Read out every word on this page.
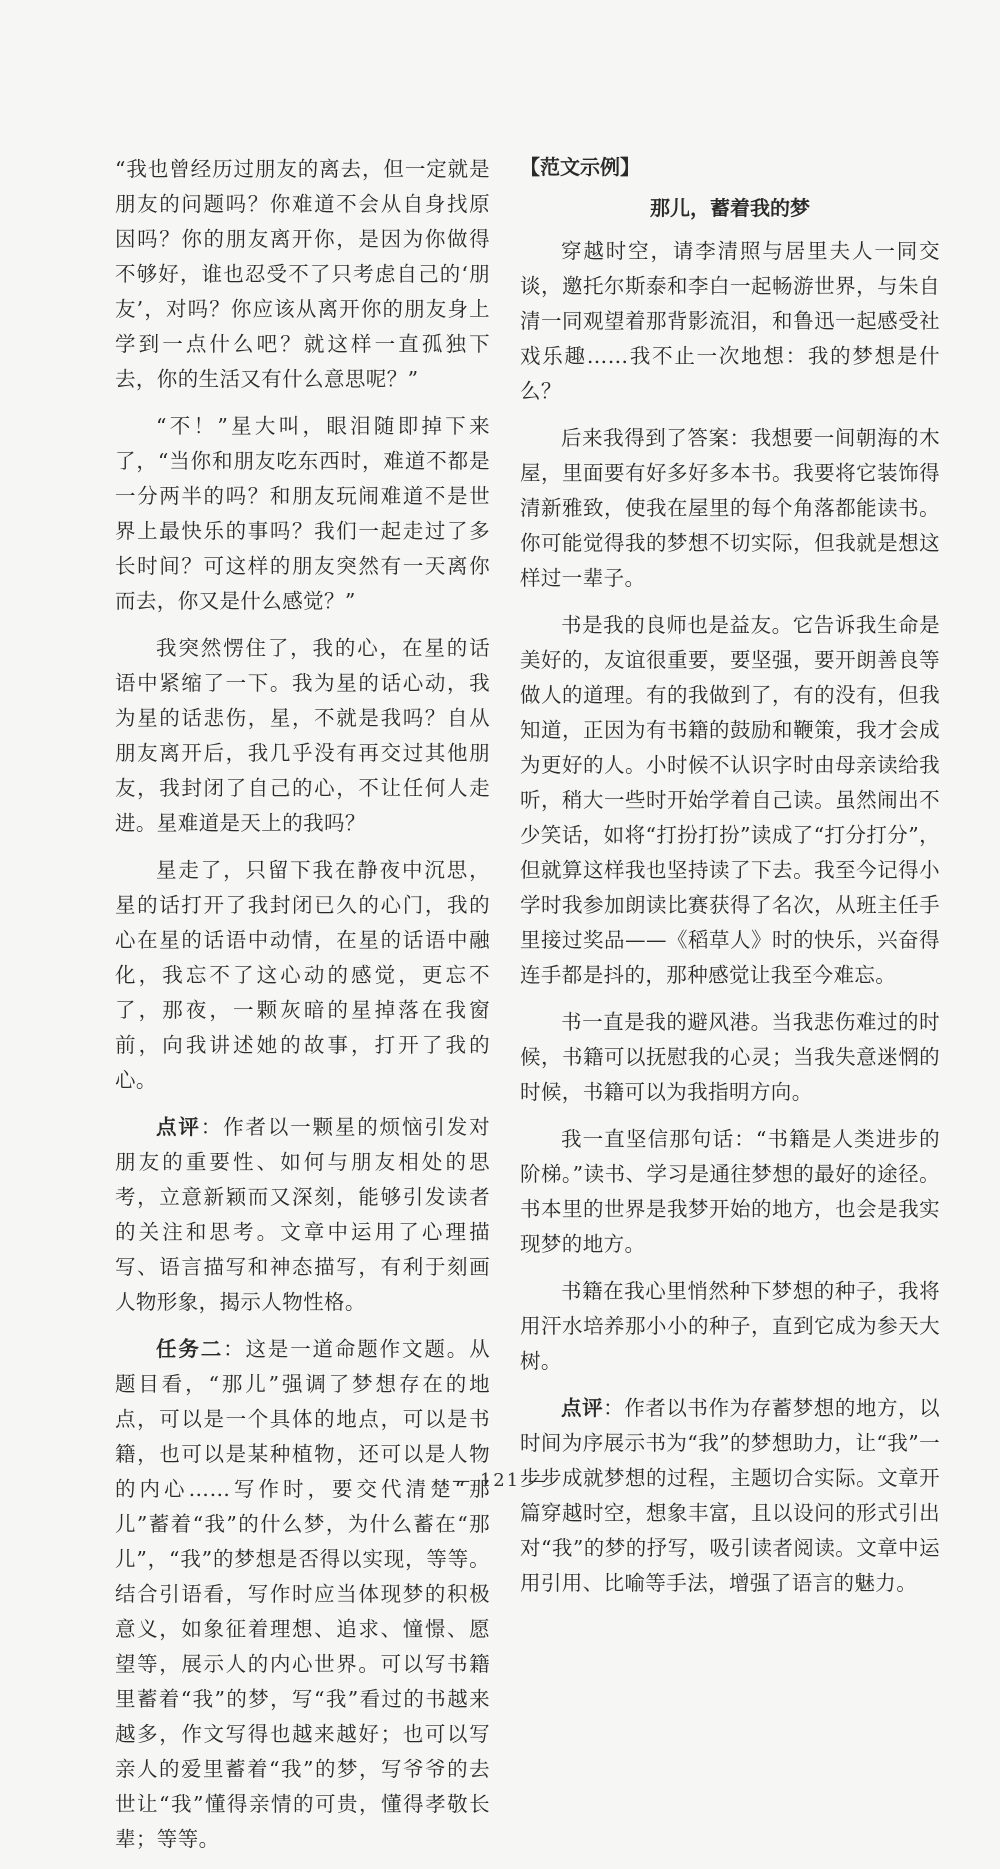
“我也曾经历过朋友的离去，但一定就是朋友的问题吗？你难道不会从自身找原因吗？你的朋友离开你，是因为你做得不够好，谁也忍受不了只考虑自己的‘朋友’，对吗？你应该从离开你的朋友身上学到一点什么吧？就这样一直孤独下去，你的生活又有什么意思呢？”

“不！”星大叫，眼泪随即掉下来了，“当你和朋友吃东西时，难道不都是一分两半的吗？和朋友玩闹难道不是世界上最快乐的事吗？我们一起走过了多长时间？可这样的朋友突然有一天离你而去，你又是什么感觉？”

我突然愣住了，我的心，在星的话语中紧缩了一下。我为星的话心动，我为星的话悲伤，星，不就是我吗？自从朋友离开后，我几乎没有再交过其他朋友，我封闭了自己的心，不让任何人走进。星难道是天上的我吗？

星走了，只留下我在静夜中沉思，星的话打开了我封闭已久的心门，我的心在星的话语中动情，在星的话语中融化，我忘不了这心动的感觉，更忘不了，那夜，一颗灰暗的星掉落在我窗前，向我讲述她的故事，打开了我的心。

点评：作者以一颗星的烦恼引发对朋友的重要性、如何与朋友相处的思考，立意新颖而又深刻，能够引发读者的关注和思考。文章中运用了心理描写、语言描写和神态描写，有利于刻画人物形象，揭示人物性格。

任务二：这是一道命题作文题。从题目看，“那儿”强调了梦想存在的地点，可以是一个具体的地点，可以是书籍，也可以是某种植物，还可以是人物的内心……写作时，要交代清楚“那儿”蓄着“我”的什么梦，为什么蓄在“那儿”，“我”的梦想是否得以实现，等等。结合引语看，写作时应当体现梦的积极意义，如象征着理想、追求、憧憬、愿望等，展示人的内心世界。可以写书籍里蓄着“我”的梦，写“我”看过的书越来越多，作文写得也越来越好；也可以写亲人的爱里蓄着“我”的梦，写爷爷的去世让“我”懂得亲情的可贵，懂得孝敬长辈；等等。

【范文示例】
那儿，蓄着我的梦

穿越时空，请李清照与居里夫人一同交谈，邀托尔斯泰和李白一起畅游世界，与朱自清一同观望着那背影流泪，和鲁迅一起感受社戏乐趣……我不止一次地想：我的梦想是什么？

后来我得到了答案：我想要一间朝海的木屋，里面要有好多好多本书。我要将它装饰得清新雅致，使我在屋里的每个角落都能读书。你可能觉得我的梦想不切实际，但我就是想这样过一辈子。

书是我的良师也是益友。它告诉我生命是美好的，友谊很重要，要坚强，要开朗善良等做人的道理。有的我做到了，有的没有，但我知道，正因为有书籍的鼓励和鞭策，我才会成为更好的人。小时候不认识字时由母亲读给我听，稍大一些时开始学着自己读。虽然闹出不少笑话，如将“打扮打扮”读成了“打分打分”，但就算这样我也坚持读了下去。我至今记得小学时我参加朗读比赛获得了名次，从班主任手里接过奖品——《稻草人》时的快乐，兴奋得连手都是抖的，那种感觉让我至今难忘。

书一直是我的避风港。当我悲伤难过的时候，书籍可以抚慰我的心灵；当我失意迷惘的时候，书籍可以为我指明方向。

我一直坚信那句话：“书籍是人类进步的阶梯。”读书、学习是通往梦想的最好的途径。书本里的世界是我梦开始的地方，也会是我实现梦的地方。

书籍在我心里悄然种下梦想的种子，我将用汗水培养那小小的种子，直到它成为参天大树。

点评：作者以书作为存蓄梦想的地方，以时间为序展示书为“我”的梦想助力，让“我”一步步成就梦想的过程，主题切合实际。文章开篇穿越时空，想象丰富，且以设问的形式引出对“我”的梦的抒写，吸引读者阅读。文章中运用引用、比喻等手法，增强了语言的魅力。

— 121 —
